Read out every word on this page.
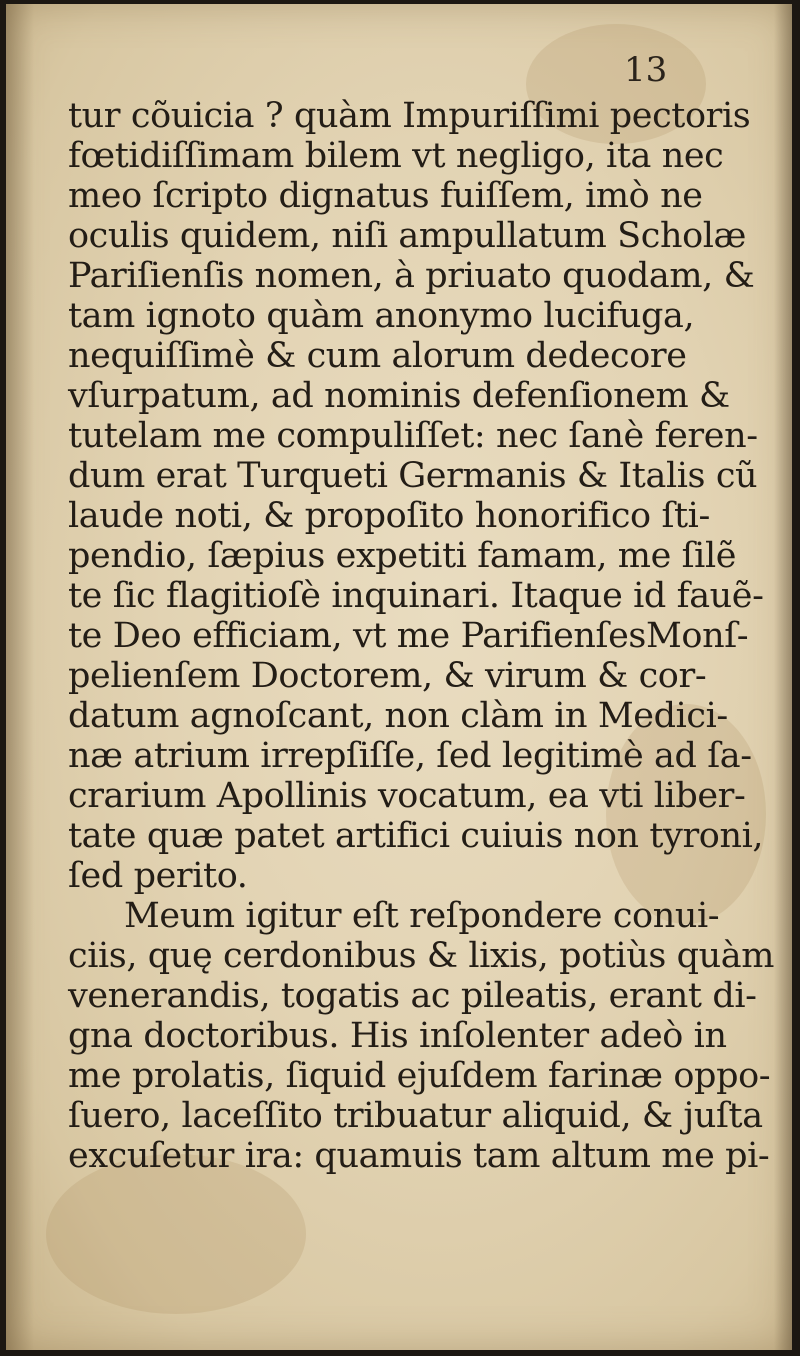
13
tur cõuicia ? quàm Impuriſſimi pectoris
fœtidiſſimam bilem vt negligo, ita nec
meo ſcripto dignatus fuiſſem, imò ne
oculis quidem, niſi ampullatum Scholæ
Pariſienſis nomen, à priuato quodam, &
tam ignoto quàm anonymo lucifuga,
nequiſſimè & cum alorum dedecore
vſurpatum, ad nominis defenſionem &
tutelam me compuliſſet: nec ſanè feren-
dum erat Turqueti Germanis & Italis cũ
laude noti, & propoſito honorifico ſti-
pendio, ſæpius expetiti famam, me ſilẽ
te ſic flagitioſè inquinari. Itaque id fauẽ-
te Deo efficiam, vt me ParifienſesMonſ-
pelienſem Doctorem, & virum & cor-
datum agnoſcant, non clàm in Medici-
næ atrium irrepſiſſe, ſed legitimè ad ſa-
crarium Apollinis vocatum, ea vti liber-
tate quæ patet artifici cuiuis non tyroni,
ſed perito.
Meum igitur eſt reſpondere conui-
ciis, quę cerdonibus & lixis, potiùs quàm
venerandis, togatis ac pileatis, erant di-
gna doctoribus. His inſolenter adeò in
me prolatis, ſiquid ejuſdem farinæ oppo-
ſuero, laceſſito tribuatur aliquid, & juſta
excuſetur ira: quamuis tam altum me pi-
